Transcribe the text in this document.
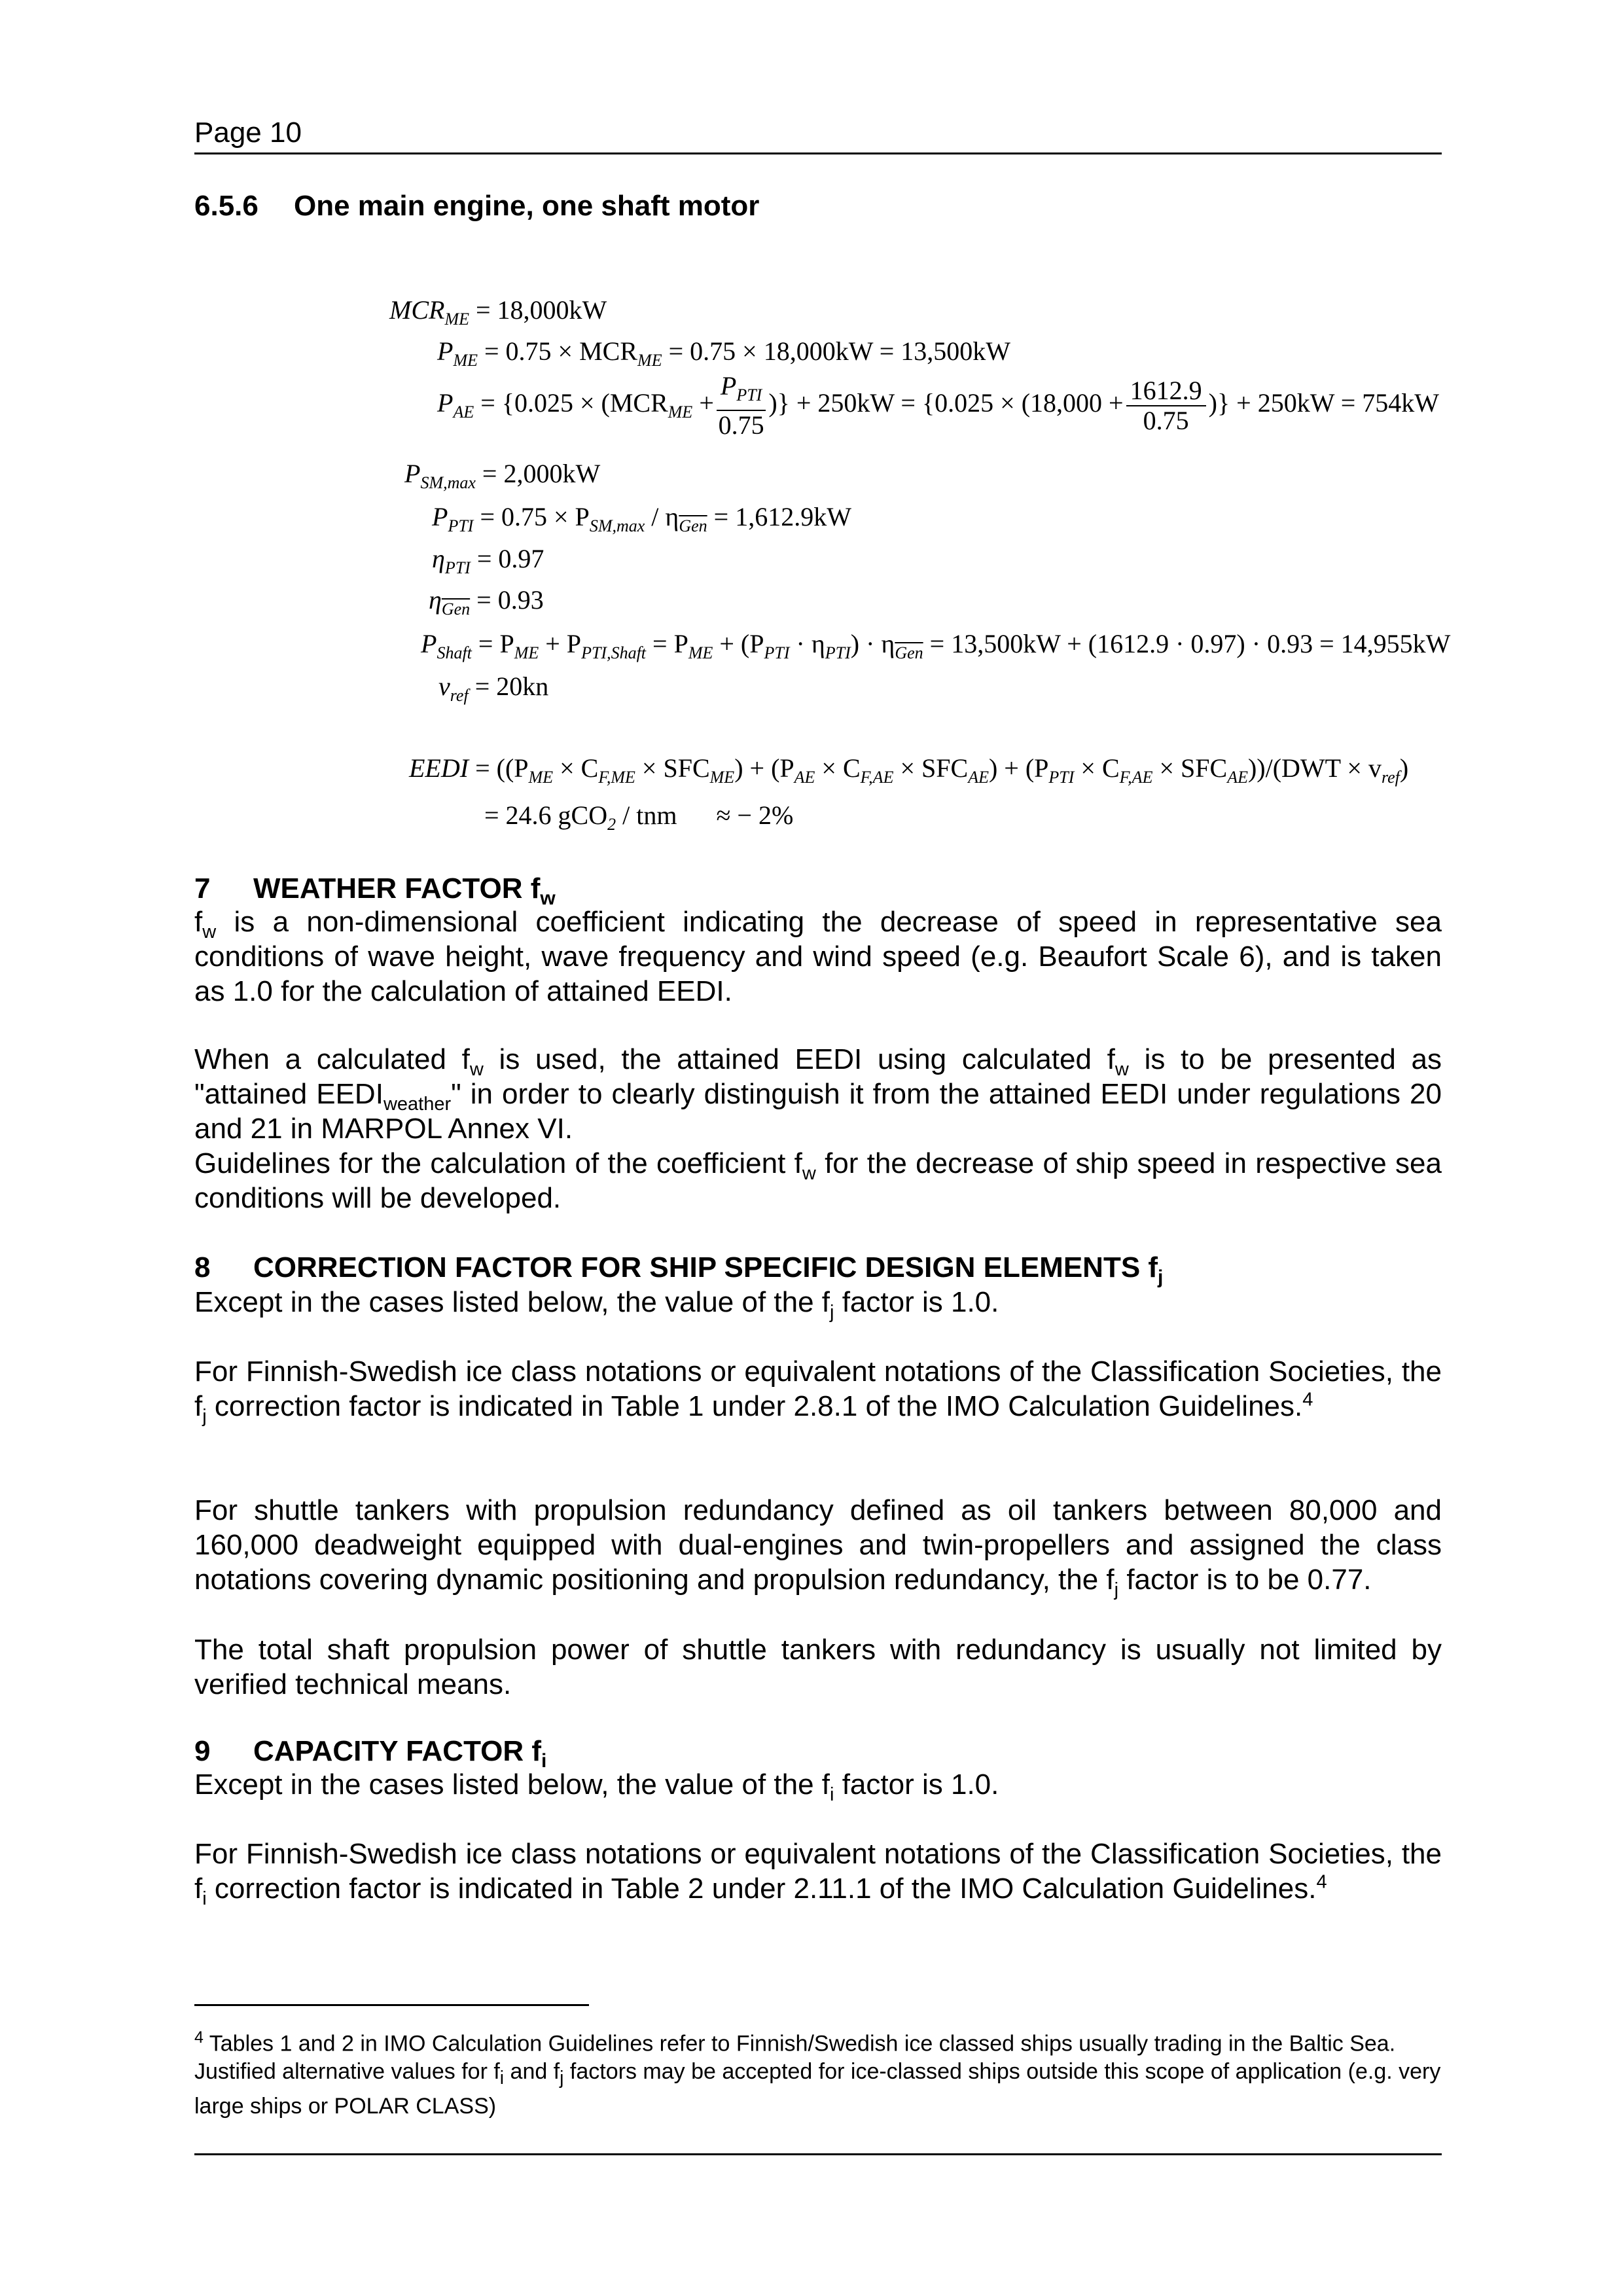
Page 10
6.5.6 One main engine, one shaft motor
$MCR_{ME} = 18,000kW$
$P_{ME} = 0.75 \times MCR_{ME} = 0.75 \times 18,000kW = 13,500kW$
$P_{AE} = \{0.025 \times (MCR_{ME}$ +
$P_{PTI}$
0.75
)} + $250kW = \{0.025 \times (18,000 + \frac{1612.9}{0.75}$ )} + 250kW = 754kW
$P_{SM,max} = 2,000kW$
$P_{PTI} = 0.75 \times P_{SM,max} / \eta_{\overline{Gen}} = 1,612.9kW$
$\eta_{PTI} = 0.97$
$\eta_{\overline{Gen}} = 0.93$
$P_{Shaft} = P_{ME} + P_{PTI,Shaft} = P_{ME} + (P_{PTI} \cdot \eta_{PTI}) \cdot \eta_{\overline{Gen}} = 13,500kW + (1612.9 \cdot 0.97) \cdot 0.93 = 14,955kW$
$v_{ref} = 20kn$
EEDI = $((P_{ME} \times C_{F,ME} \times SFC_{ME}) + (P_{AE} \times C_{F,AE} \times SFC_{AE}) + (P_{PTI} \times C_{F,AE} \times SFC_{AE}))/(DWT \times v_{ref})$
= 24.6 gCO$_2$ / tnm ≈ − 2%
7 WEATHER FACTOR $f_w$
$f_w$ is a non-dimensional coefficient indicating the decrease of speed in representative sea conditions of wave height, wave frequency and wind speed (e.g. Beaufort Scale 6), and is taken as 1.0 for the calculation of attained EEDI.
When a calculated $f_w$ is used, the attained EEDI using calculated $f_w$ is to be presented as "attained $EEDI_{weather}$" in order to clearly distinguish it from the attained EEDI under regulations 20 and 21 in MARPOL Annex VI.
Guidelines for the calculation of the coefficient $f_w$ for the decrease of ship speed in respective sea conditions will be developed.
8 CORRECTION FACTOR FOR SHIP SPECIFIC DESIGN ELEMENTS $f_j$
Except in the cases listed below, the value of the $f_j$ factor is 1.0.
For Finnish-Swedish ice class notations or equivalent notations of the Classification Societies, the $f_j$ correction factor is indicated in Table 1 under 2.8.1 of the IMO Calculation Guidelines.$^4$
For shuttle tankers with propulsion redundancy defined as oil tankers between 80,000 and 160,000 deadweight equipped with dual-engines and twin-propellers and assigned the class notations covering dynamic positioning and propulsion redundancy, the $f_j$ factor is to be 0.77.
The total shaft propulsion power of shuttle tankers with redundancy is usually not limited by verified technical means.
9 CAPACITY FACTOR $f_i$
Except in the cases listed below, the value of the $f_i$ factor is 1.0.
For Finnish-Swedish ice class notations or equivalent notations of the Classification Societies, the $f_i$ correction factor is indicated in Table 2 under 2.11.1 of the IMO Calculation Guidelines.$^4$
$^4$ Tables 1 and 2 in IMO Calculation Guidelines refer to Finnish/Swedish ice classed ships usually trading in the Baltic Sea. Justified alternative values for $f_i$ and $f_j$ factors may be accepted for ice-classed ships outside this scope of application (e.g. very large ships or POLAR CLASS)
